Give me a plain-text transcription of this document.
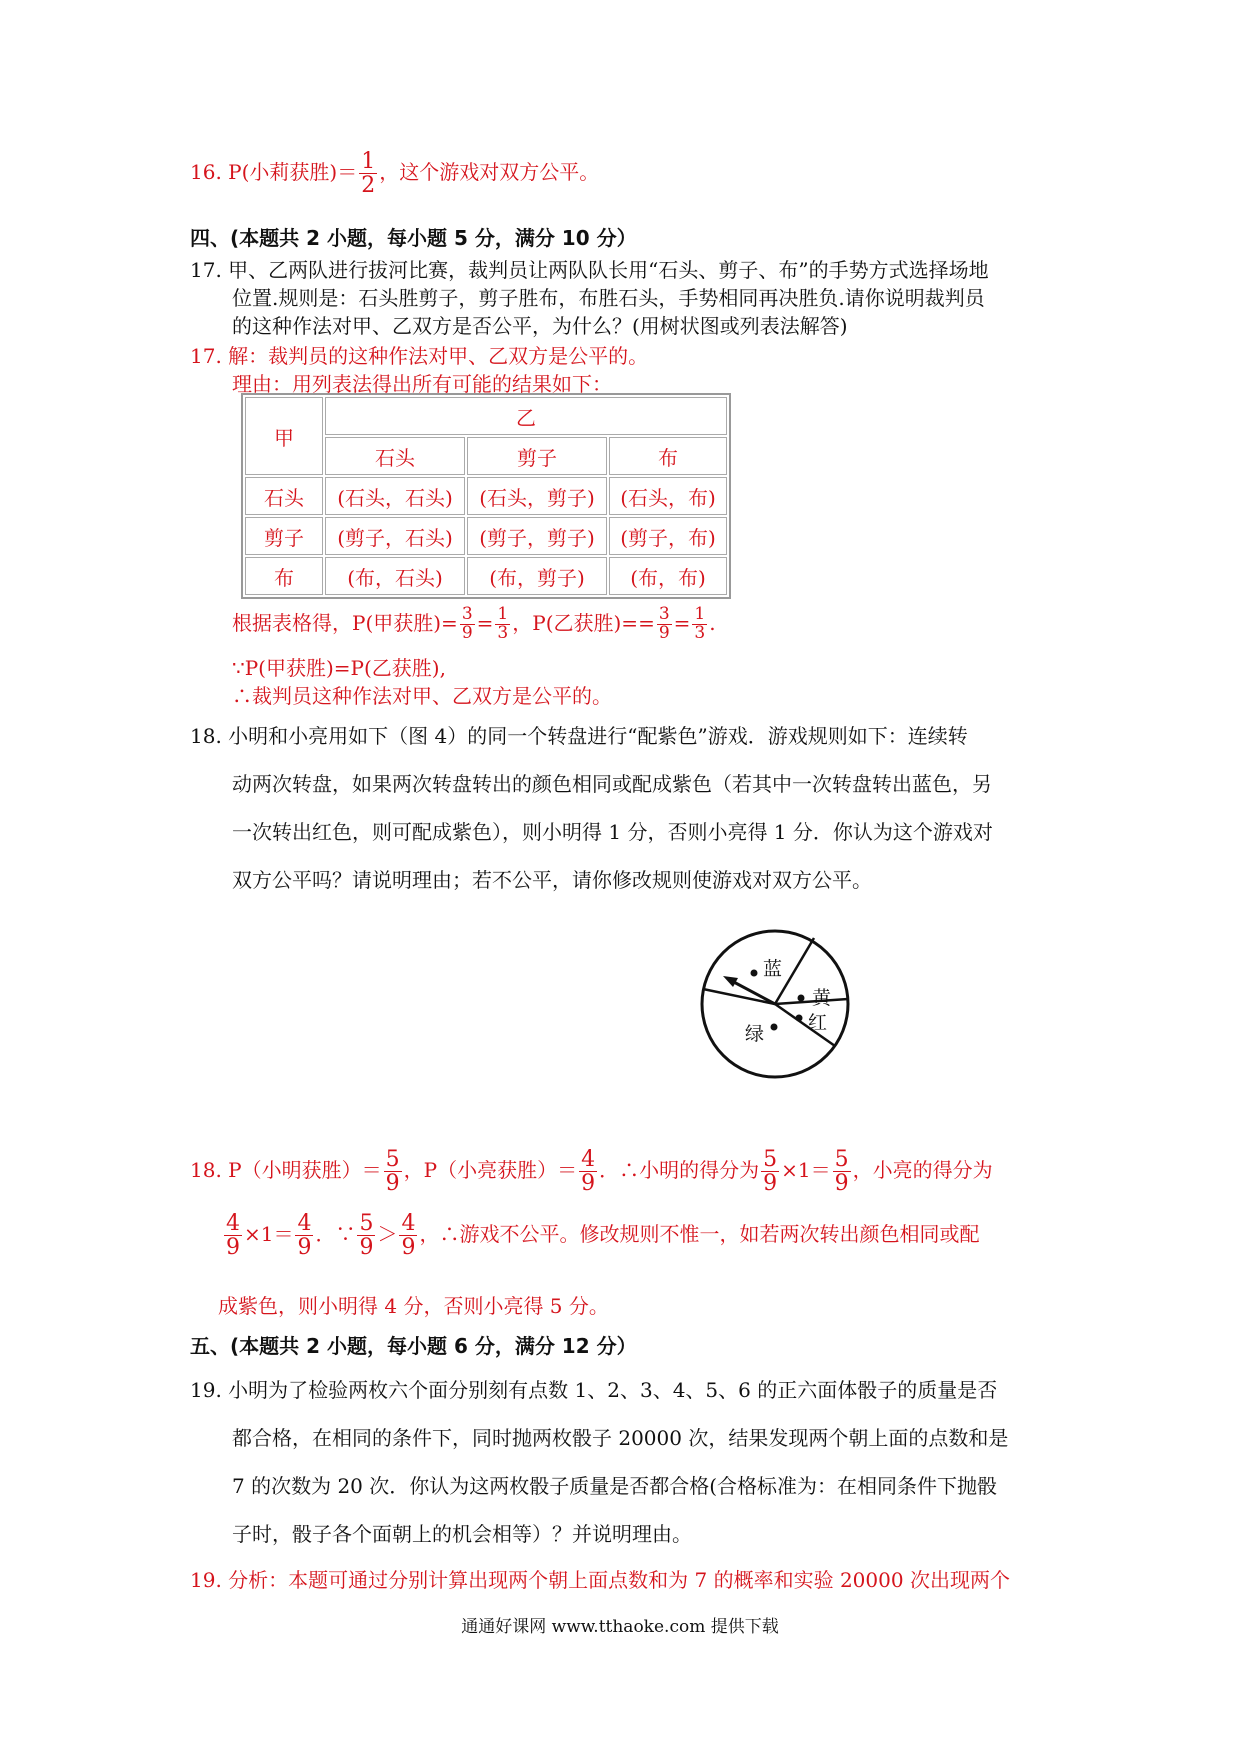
16. P(小莉获胜)＝ $\frac{1}{2}$ ，这个游戏对双方公平。
四、(本题共 2 小题，每小题 5 分，满分 10 分）
17. 甲、乙两队进行拔河比赛，裁判员让两队队长用“石头、剪子、布”的手势方式选择场地
位置.规则是：石头胜剪子，剪子胜布，布胜石头，手势相同再决胜负.请你说明裁判员
的这种作法对甲、乙双方是否公平，为什么？(用树状图或列表法解答)
17. 解：裁判员的这种作法对甲、乙双方是公平的。
理由：用列表法得出所有可能的结果如下：
甲	乙		
	石头	剪子	布
石头	(石头，石头)	(石头，剪子)	(石头，布)
剪子	(剪子，石头)	(剪子，剪子)	(剪子，布)
布	(布，石头)	(布，剪子)	(布，布)
根据表格得，P(甲获胜)= $\frac{3}{9} = \frac{1}{3}$ ，P(乙获胜)== $\frac{3}{9} = \frac{1}{3}$ .
∵P(甲获胜)=P(乙获胜),
∴裁判员这种作法对甲、乙双方是公平的。
18. 小明和小亮用如下（图 4）的同一个转盘进行“配紫色”游戏．游戏规则如下：连续转
动两次转盘，如果两次转盘转出的颜色相同或配成紫色（若其中一次转盘转出蓝色，另
一次转出红色，则可配成紫色），则小明得 1 分，否则小亮得 1 分．你认为这个游戏对
双方公平吗？请说明理由；若不公平，请你修改规则使游戏对双方公平。
蓝
黄
红
绿
18. P（小明获胜）＝ $\frac{5}{9}$ ，P（小亮获胜）＝ $\frac{4}{9}$ ．∴小明的得分为 $\frac{5}{9} \times 1= \frac{5}{9}$ ，小亮的得分为
$\frac{4}{9} \times 1= \frac{4}{9}$ ．∵ $\frac{5}{9} > \frac{4}{9}$ ，∴游戏不公平。修改规则不惟一，如若两次转出颜色相同或配
成紫色，则小明得 4 分，否则小亮得 5 分。
五、(本题共 2 小题，每小题 6 分，满分 12 分）
19. 小明为了检验两枚六个面分别刻有点数 1、2、3、4、5、6 的正六面体骰子的质量是否
都合格，在相同的条件下，同时抛两枚骰子 20000 次，结果发现两个朝上面的点数和是
7 的次数为 20 次．你认为这两枚骰子质量是否都合格(合格标准为：在相同条件下抛骰
子时，骰子各个面朝上的机会相等）？并说明理由。
19. 分析：本题可通过分别计算出现两个朝上面点数和为 7 的概率和实验 20000 次出现两个
通通好课网 www.tthaoke.com 提供下载
